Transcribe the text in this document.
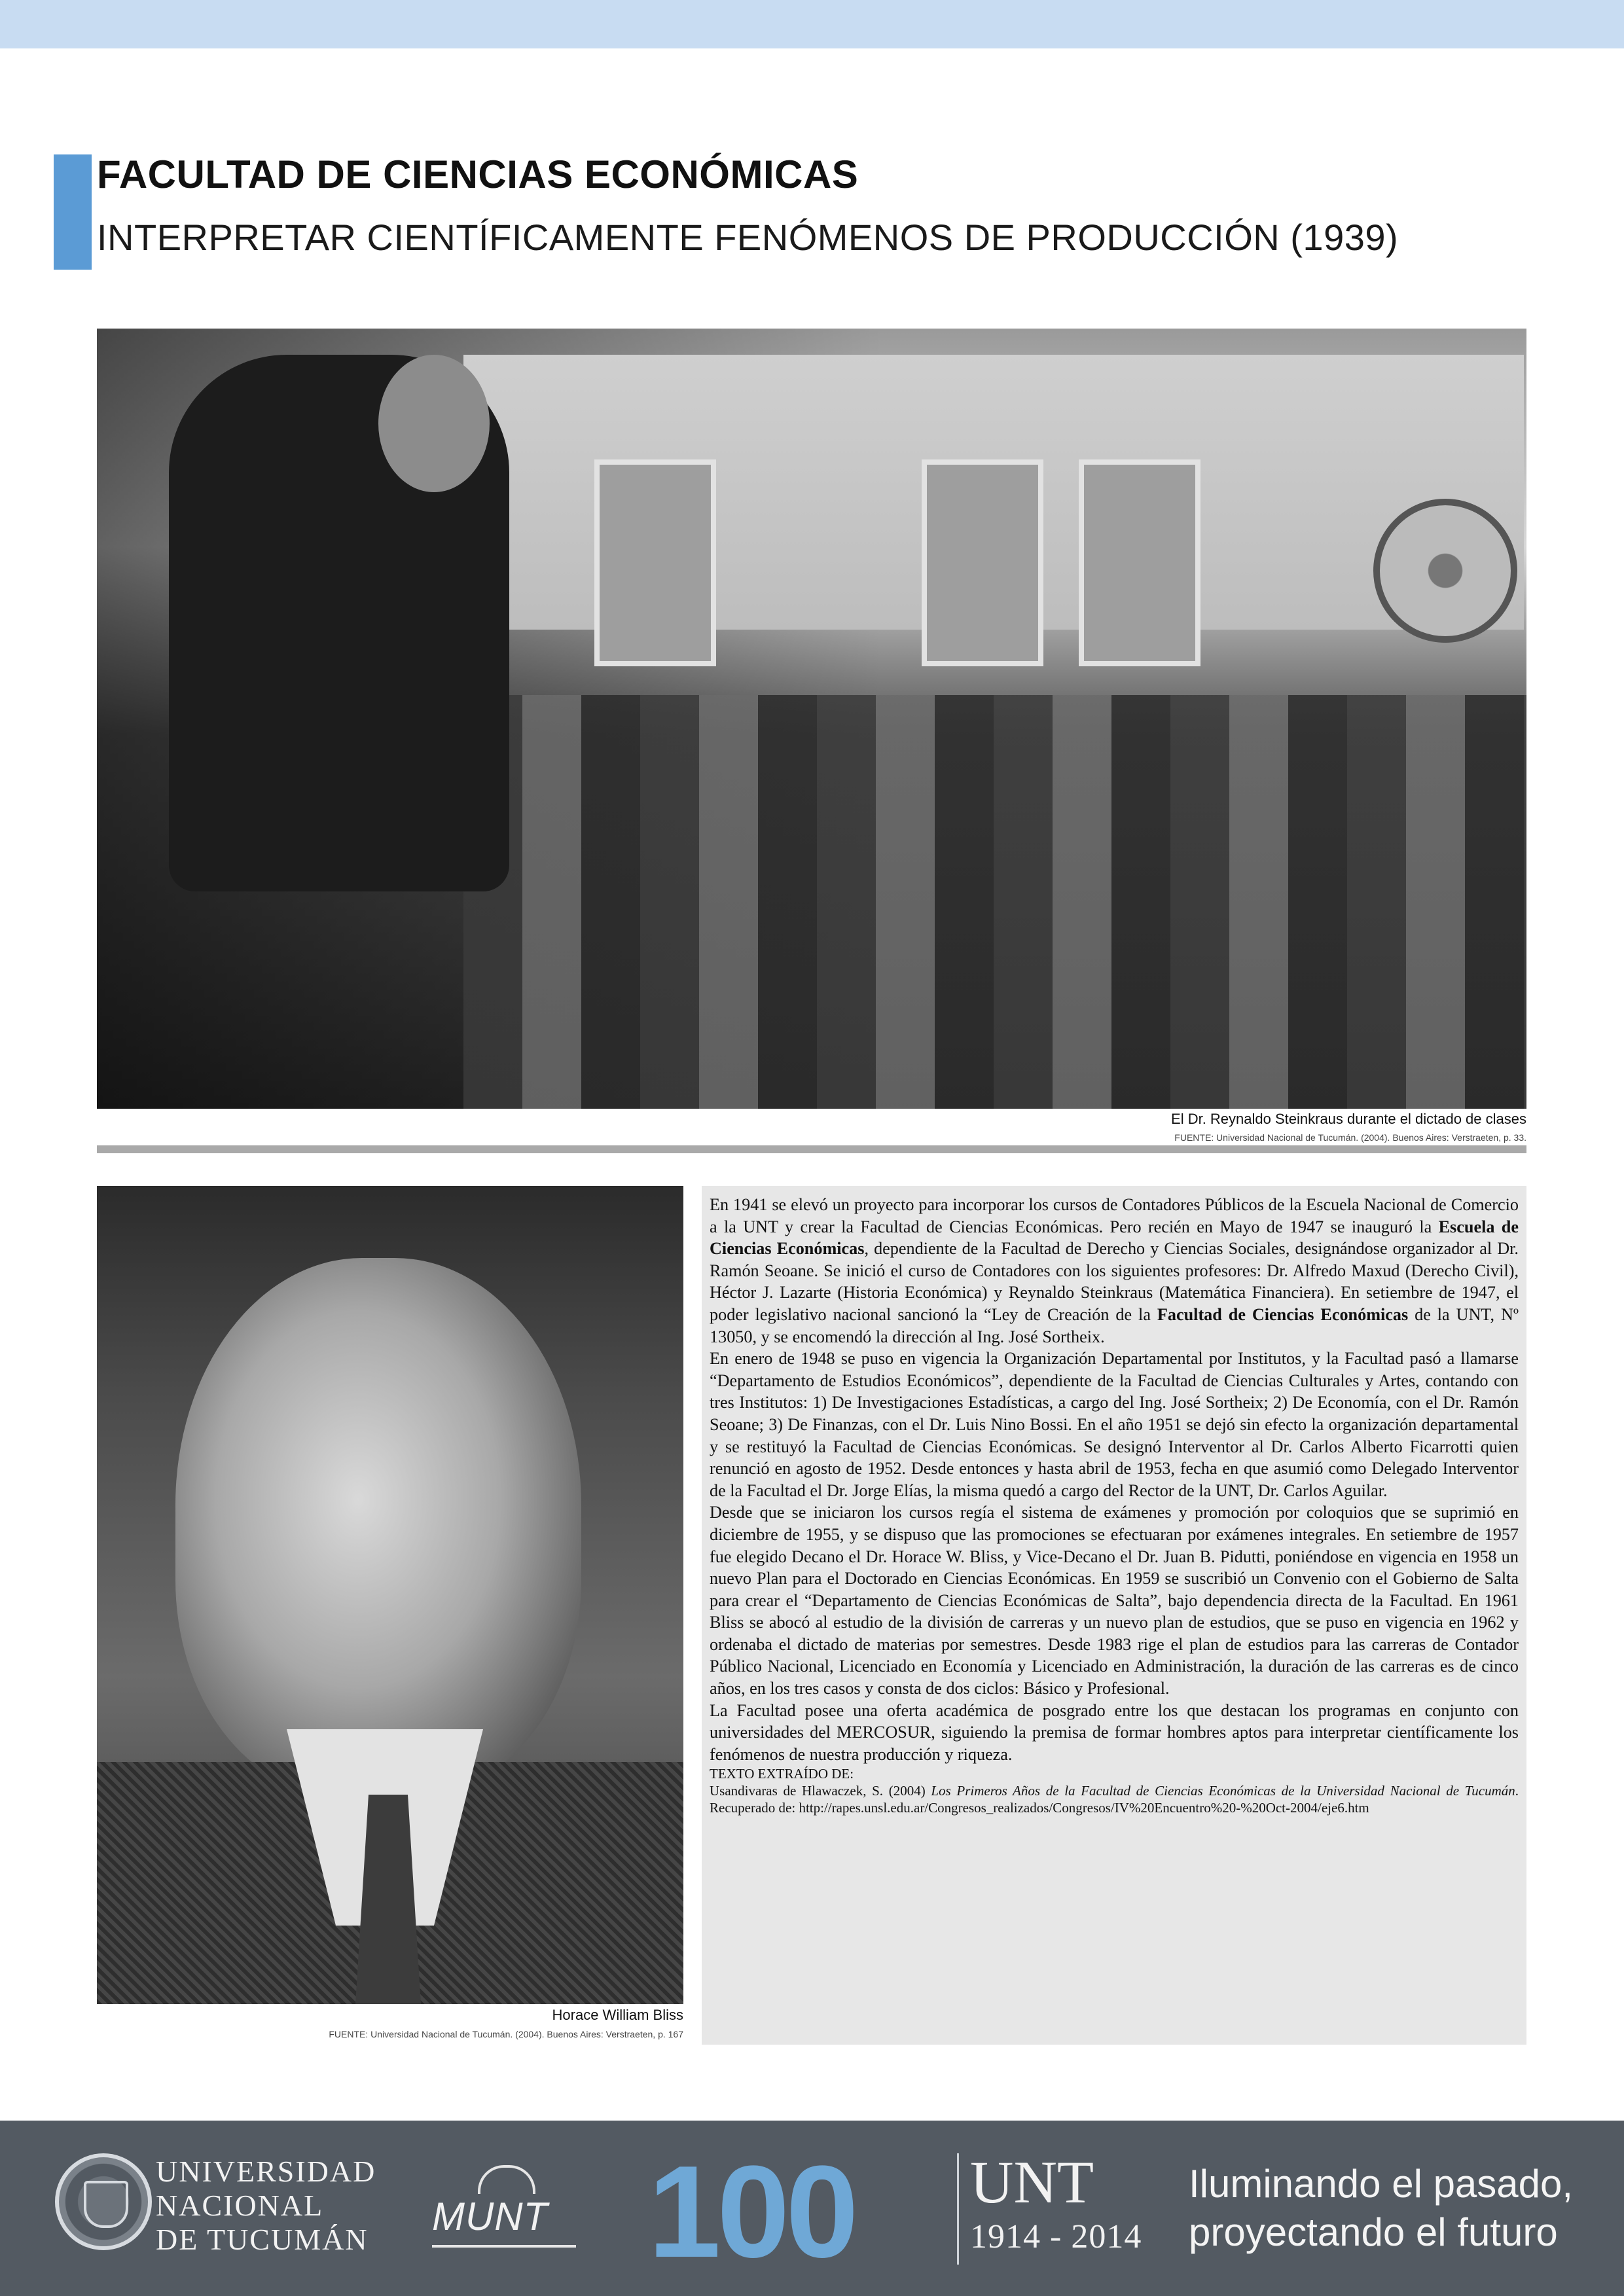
FACULTAD DE CIENCIAS ECONÓMICAS
INTERPRETAR CIENTÍFICAMENTE FENÓMENOS DE PRODUCCIÓN (1939)
El Dr. Reynaldo Steinkraus durante el dictado de clases
FUENTE: Universidad Nacional de Tucumán. (2004). Buenos Aires: Verstraeten, p. 33.
Horace William Bliss
FUENTE: Universidad Nacional de Tucumán. (2004). Buenos Aires: Verstraeten, p. 167

En 1941 se elevó un proyecto para incorporar los cursos de Contadores Públicos de la Escuela Nacional de Comercio a la UNT y crear la Facultad de Ciencias Económicas. Pero recién en Mayo de 1947 se inauguró la Escuela de Ciencias Económicas, dependiente de la Facultad de Derecho y Ciencias Sociales, designándose organizador al Dr. Ramón Seoane. Se inició el curso de Contadores con los siguientes profesores: Dr. Alfredo Maxud (Derecho Civil), Héctor J. Lazarte (Historia Económica) y Reynaldo Steinkraus (Matemática Financiera). En setiembre de 1947, el poder legislativo nacional sancionó la “Ley de Creación de la Facultad de Ciencias Económicas de la UNT, Nº 13050, y se encomendó la dirección al Ing. José Sortheix.

En enero de 1948 se puso en vigencia la Organización Departamental por Institutos, y la Facultad pasó a llamarse “Departamento de Estudios Económicos”, dependiente de la Facultad de Ciencias Culturales y Artes, contando con tres Institutos: 1) De Investigaciones Estadísticas, a cargo del Ing. José Sortheix; 2) De Economía, con el Dr. Ramón Seoane; 3) De Finanzas, con el Dr. Luis Nino Bossi. En el año 1951 se dejó sin efecto la organización departamental y se restituyó la Facultad de Ciencias Económicas. Se designó Interventor al Dr. Carlos Alberto Ficarrotti quien renunció en agosto de 1952. Desde entonces y hasta abril de 1953, fecha en que asumió como Delegado Interventor de la Facultad el Dr. Jorge Elías, la misma quedó a cargo del Rector de la UNT, Dr. Carlos Aguilar.

Desde que se iniciaron los cursos regía el sistema de exámenes y promoción por coloquios que se suprimió en diciembre de 1955, y se dispuso que las promociones se efectuaran por exámenes integrales. En setiembre de 1957 fue elegido Decano el Dr. Horace W. Bliss, y Vice-Decano el Dr. Juan B. Pidutti, poniéndose en vigencia en 1958 un nuevo Plan para el Doctorado en Ciencias Económicas. En 1959 se suscribió un Convenio con el Gobierno de Salta para crear el “Departamento de Ciencias Económicas de Salta”, bajo dependencia directa de la Facultad. En 1961 Bliss se abocó al estudio de la división de carreras y un nuevo plan de estudios, que se puso en vigencia en 1962 y ordenaba el dictado de materias por semestres. Desde 1983 rige el plan de estudios para las carreras de Contador Público Nacional, Licenciado en Economía y Licenciado en Administración, la duración de las carreras es de cinco años, en los tres casos y consta de dos ciclos: Básico y Profesional.

La Facultad posee una oferta académica de posgrado entre los que destacan los programas en conjunto con universidades del MERCOSUR, siguiendo la premisa de formar hombres aptos para interpretar científicamente los fenómenos de nuestra producción y riqueza.

TEXTO EXTRAÍDO DE:

Usandivaras de Hlawaczek, S. (2004) Los Primeros Años de la Facultad de Ciencias Económicas de la Universidad Nacional de Tucumán. Recuperado de: http://rapes.unsl.edu.ar/Congresos_realizados/Congresos/IV%20Encuentro%20-%20Oct-2004/eje6.htm

UNIVERSIDAD
NACIONAL
DE TUCUMÁN
MUNT 100 UNT
1914 - 2014
Iluminando el pasado,
proyectando el futuro
